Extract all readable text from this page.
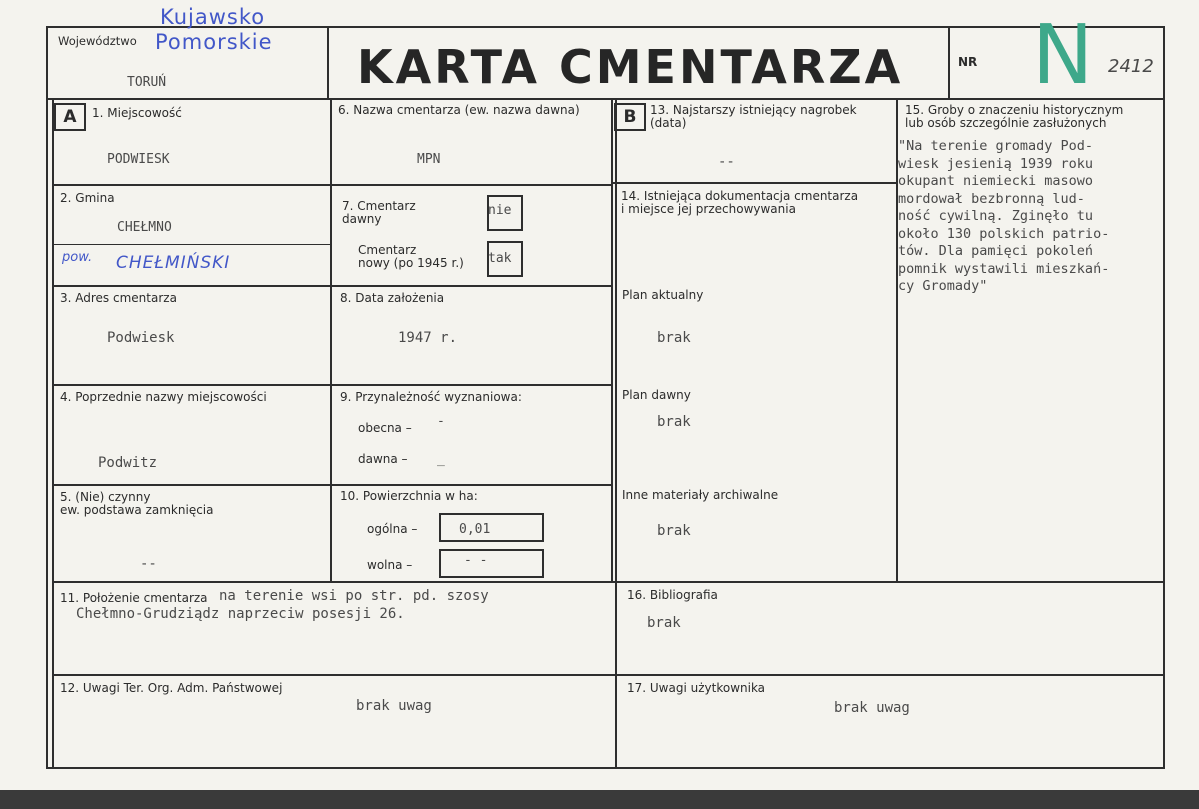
Województwo
Kujawsko
Pomorskie
TORUŃ	KARTA CMENTARZA	NR N 2412
A	B
1. Miejscowość
PODWIESK
2. Gmina
CHEŁMNO
pow. CHEŁMIŃSKI
3. Adres cmentarza
Podwiesk
4. Poprzednie nazwy miejscowości
Podwitz
5. (Nie) czynny
ew. podstawa zamknięcia
--
6. Nazwa cmentarza (ew. nazwa dawna)
MPN
7. Cmentarz
dawny
nie
Cmentarz
nowy (po 1945 r.) tak
8. Data założenia
1947 r.
9. Przynależność wyznaniowa:
obecna – -
dawna – _
10. Powierzchnia w ha:
ogólna –	0,01
wolna –	- -
11. Położenie cmentarza na terenie wsi po str. pd. szosy
Chełmno-Grudziądz naprzeciw posesji 26.
12. Uwagi Ter. Org. Adm. Państwowej
brak uwag
13. Najstarszy istniejący nagrobek
(data)
--
14. Istniejąca dokumentacja cmentarza
i miejsce jej przechowywania
Plan aktualny
brak
Plan dawny
brak
Inne materiały archiwalne
brak
15. Groby o znaczeniu historycznym
lub osób szczególnie zasłużonych
"Na terenie gromady Pod-
wiesk jesienią 1939 roku
okupant niemiecki masowo
mordował bezbronną lud-
ność cywilną. Zginęło tu
około 130 polskich patrio-
tów. Dla pamięci pokoleń
pomnik wystawili mieszkań-
cy Gromady"
16. Bibliografia
brak
17. Uwagi użytkownika
brak uwag
